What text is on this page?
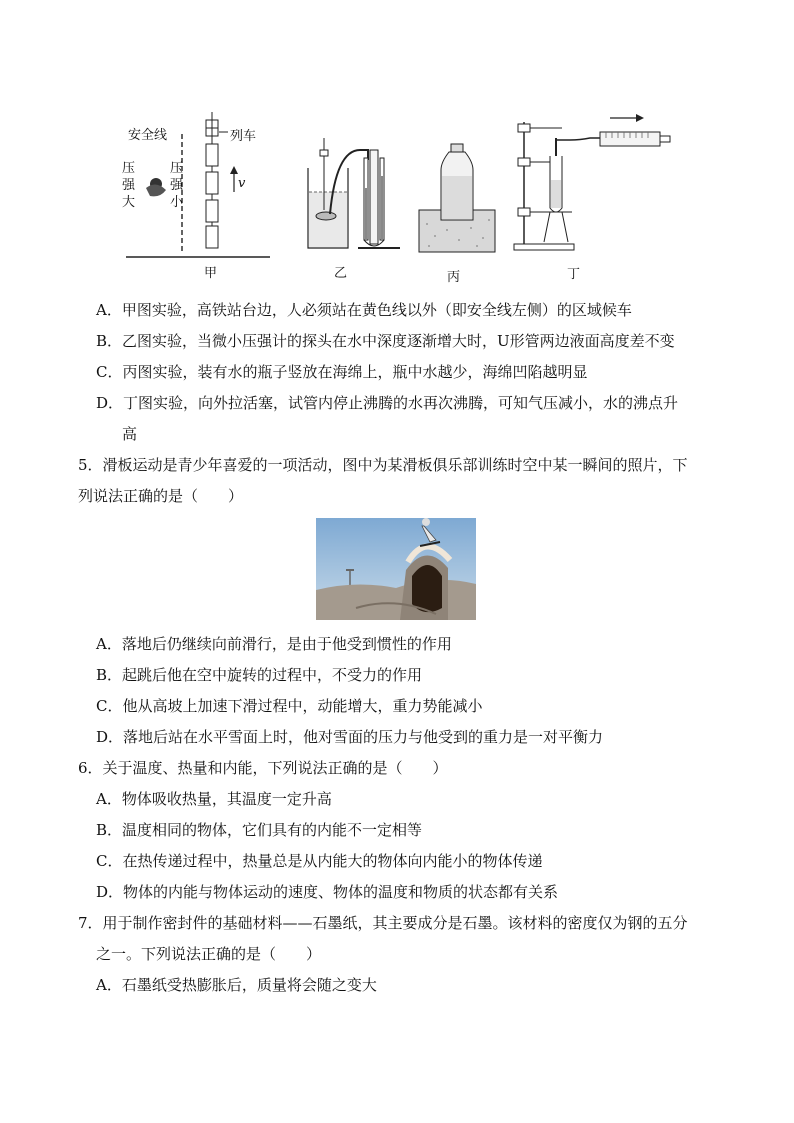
安全线	列车
压
强
大
压
强
小
v
甲	乙	丙	丁
A．甲图实验，高铁站台边，人必须站在黄色线以外（即安全线左侧）的区域候车
B．乙图实验，当微小压强计的探头在水中深度逐渐增大时，U形管两边液面高度差不变
C．丙图实验，装有水的瓶子竖放在海绵上，瓶中水越少，海绵凹陷越明显
D．丁图实验，向外拉活塞，试管内停止沸腾的水再次沸腾，可知气压减小，水的沸点升
高
5．滑板运动是青少年喜爱的一项活动，图中为某滑板俱乐部训练时空中某一瞬间的照片，下
列说法正确的是（　　）
A．落地后仍继续向前滑行，是由于他受到惯性的作用
B．起跳后他在空中旋转的过程中，不受力的作用
C．他从高坡上加速下滑过程中，动能增大，重力势能减小
D．落地后站在水平雪面上时，他对雪面的压力与他受到的重力是一对平衡力
6．关于温度、热量和内能，下列说法正确的是（　　）
A．物体吸收热量，其温度一定升高
B．温度相同的物体，它们具有的内能不一定相等
C．在热传递过程中，热量总是从内能大的物体向内能小的物体传递
D．物体的内能与物体运动的速度、物体的温度和物质的状态都有关系
7．用于制作密封件的基础材料——石墨纸，其主要成分是石墨。该材料的密度仅为钢的五分
之一。下列说法正确的是（　　）
A．石墨纸受热膨胀后，质量将会随之变大
